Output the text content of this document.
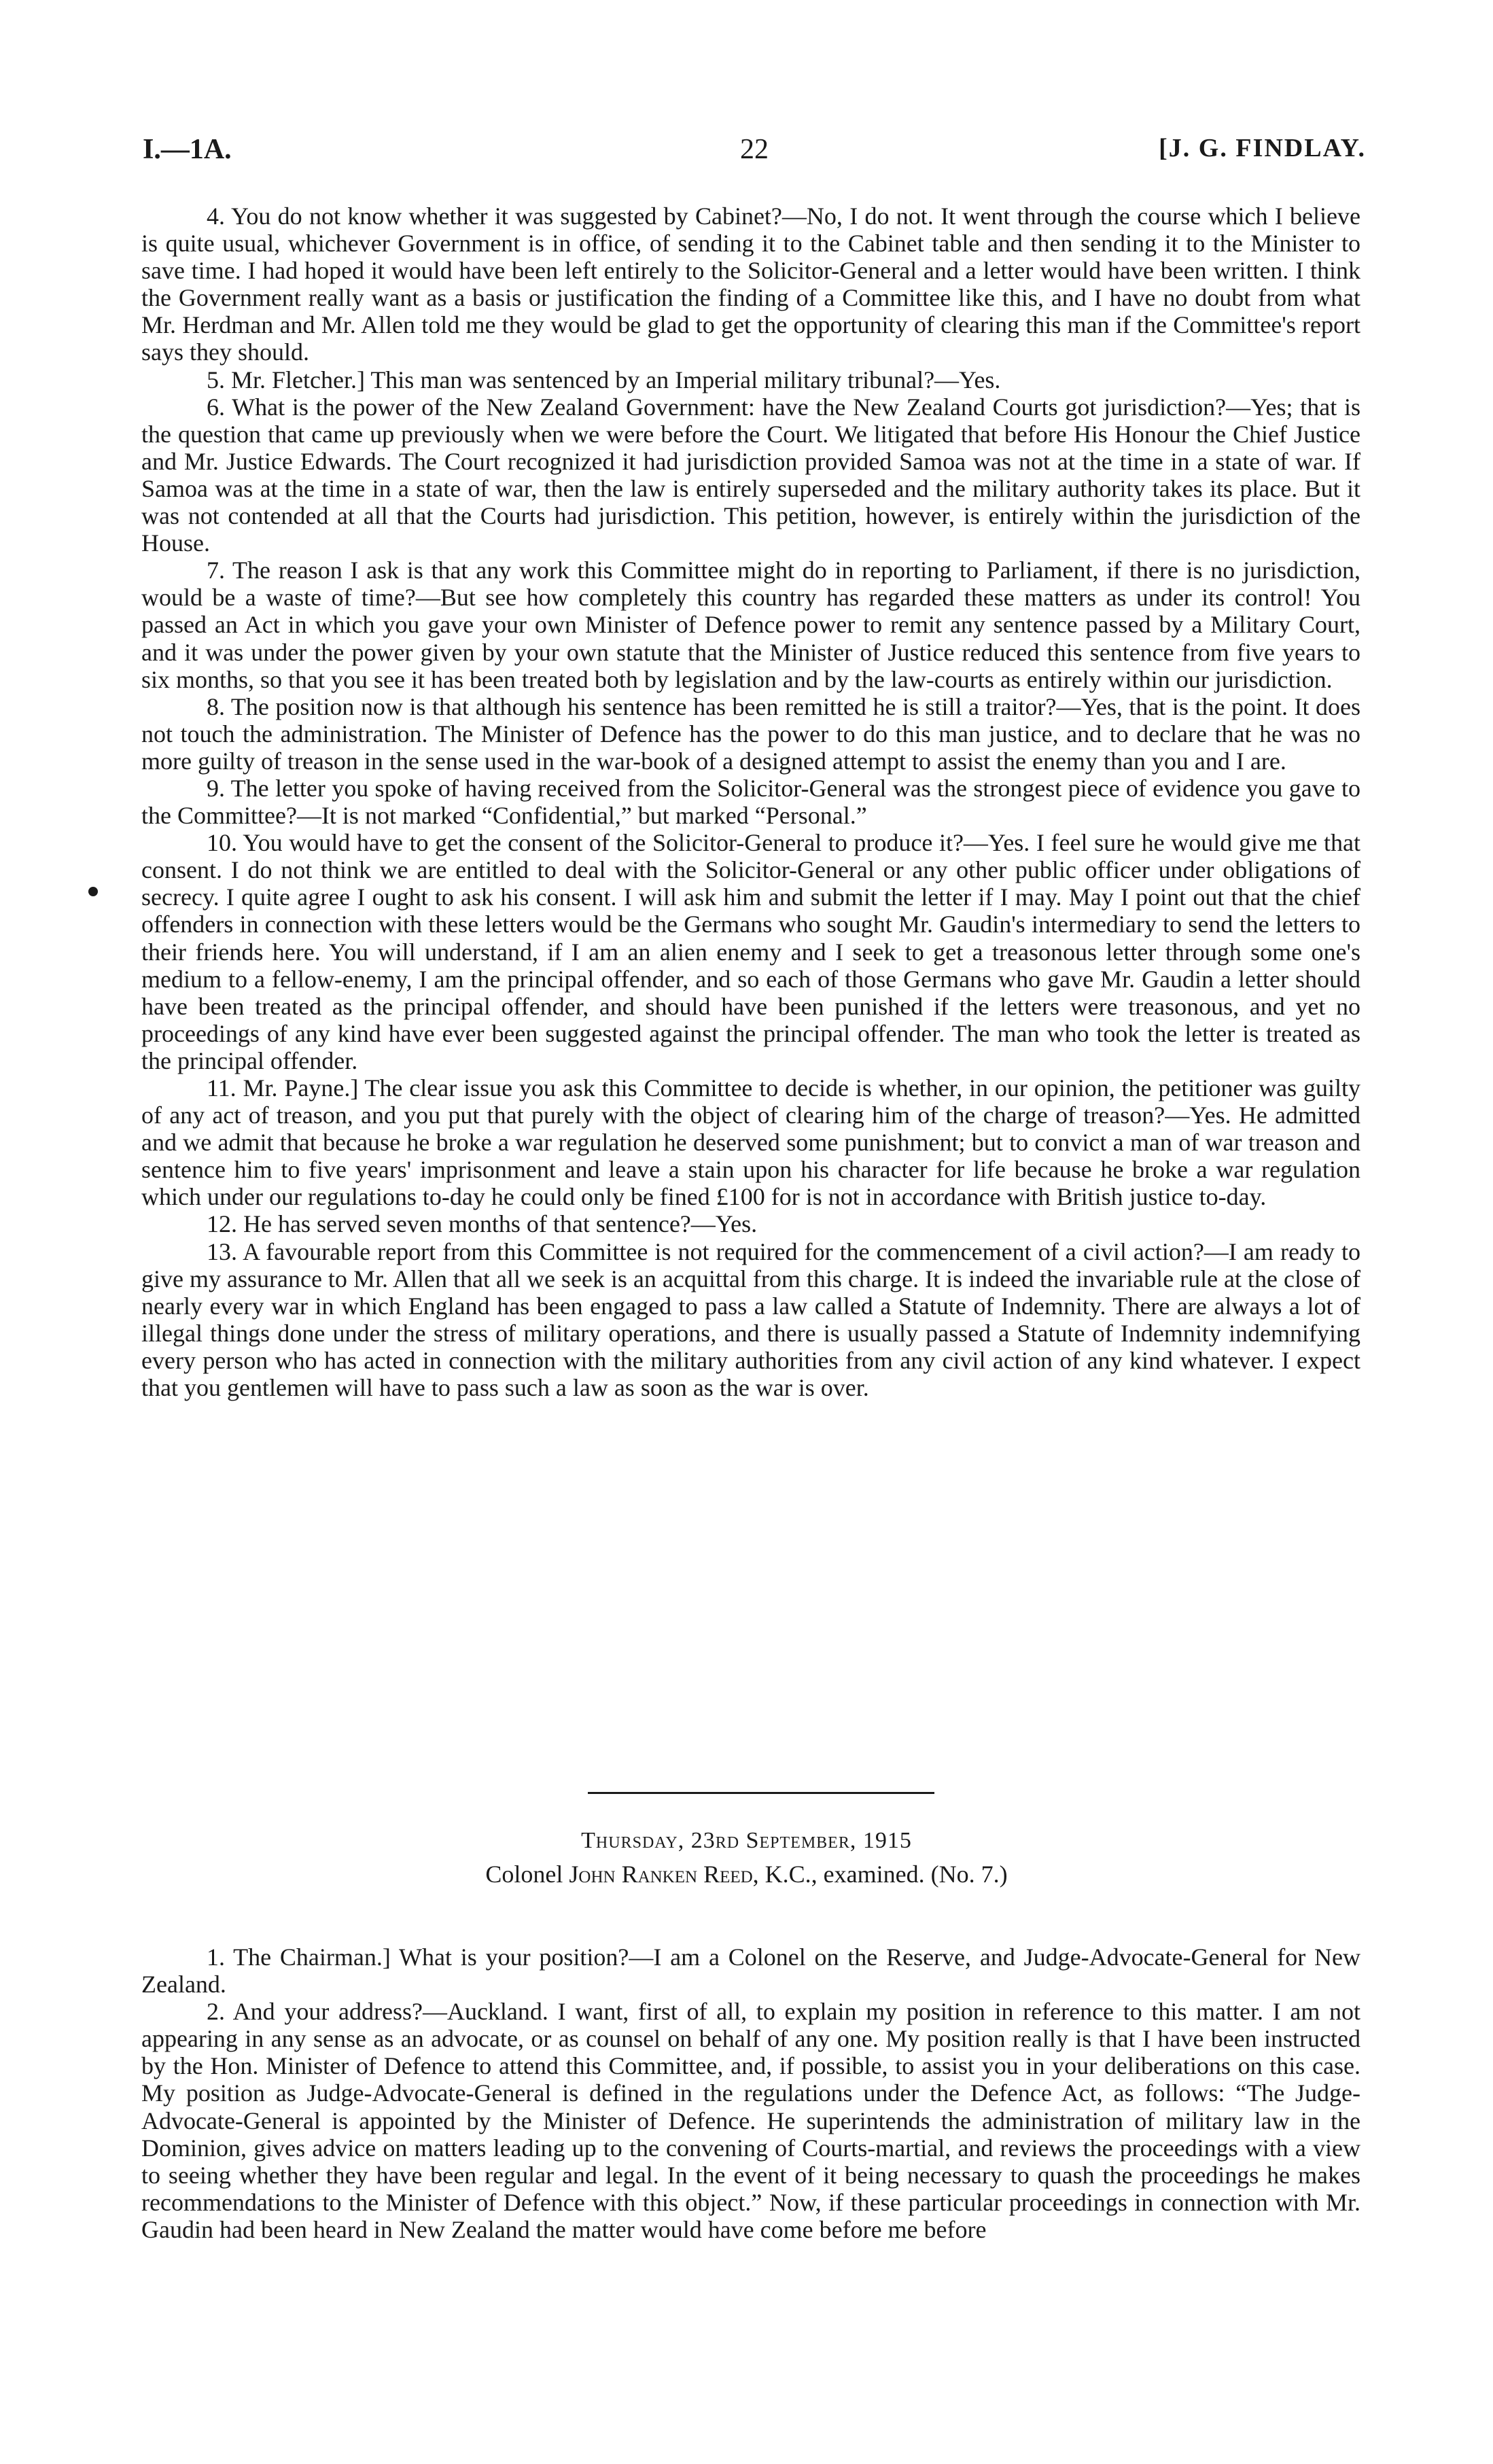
I.—1A.	22	[J. G. FINDLAY.

4. You do not know whether it was suggested by Cabinet?—No, I do not. It went through the course which I believe is quite usual, whichever Government is in office, of sending it to the Cabinet table and then sending it to the Minister to save time. I had hoped it would have been left entirely to the Solicitor-General and a letter would have been written. I think the Government really want as a basis or justification the finding of a Committee like this, and I have no doubt from what Mr. Herdman and Mr. Allen told me they would be glad to get the opportunity of clearing this man if the Committee's report says they should.

5. Mr. Fletcher.] This man was sentenced by an Imperial military tribunal?—Yes.

6. What is the power of the New Zealand Government: have the New Zealand Courts got jurisdiction?—Yes; that is the question that came up previously when we were before the Court. We litigated that before His Honour the Chief Justice and Mr. Justice Edwards. The Court recognized it had jurisdiction provided Samoa was not at the time in a state of war. If Samoa was at the time in a state of war, then the law is entirely superseded and the military authority takes its place. But it was not contended at all that the Courts had jurisdiction. This petition, however, is entirely within the jurisdiction of the House.

7. The reason I ask is that any work this Committee might do in reporting to Parliament, if there is no jurisdiction, would be a waste of time?—But see how completely this country has regarded these matters as under its control! You passed an Act in which you gave your own Minister of Defence power to remit any sentence passed by a Military Court, and it was under the power given by your own statute that the Minister of Justice reduced this sentence from five years to six months, so that you see it has been treated both by legislation and by the law-courts as entirely within our jurisdiction.

8. The position now is that although his sentence has been remitted he is still a traitor?—Yes, that is the point. It does not touch the administration. The Minister of Defence has the power to do this man justice, and to declare that he was no more guilty of treason in the sense used in the war-book of a designed attempt to assist the enemy than you and I are.

9. The letter you spoke of having received from the Solicitor-General was the strongest piece of evidence you gave to the Committee?—It is not marked “Confidential,” but marked “Personal.”

10. You would have to get the consent of the Solicitor-General to produce it?—Yes. I feel sure he would give me that consent. I do not think we are entitled to deal with the Solicitor-General or any other public officer under obligations of secrecy. I quite agree I ought to ask his consent. I will ask him and submit the letter if I may. May I point out that the chief offenders in connection with these letters would be the Germans who sought Mr. Gaudin's intermediary to send the letters to their friends here. You will understand, if I am an alien enemy and I seek to get a treasonous letter through some one's medium to a fellow-enemy, I am the principal offender, and so each of those Germans who gave Mr. Gaudin a letter should have been treated as the principal offender, and should have been punished if the letters were treasonous, and yet no proceedings of any kind have ever been suggested against the principal offender. The man who took the letter is treated as the principal offender.

11. Mr. Payne.] The clear issue you ask this Committee to decide is whether, in our opinion, the petitioner was guilty of any act of treason, and you put that purely with the object of clearing him of the charge of treason?—Yes. He admitted and we admit that because he broke a war regulation he deserved some punishment; but to convict a man of war treason and sentence him to five years' imprisonment and leave a stain upon his character for life because he broke a war regulation which under our regulations to-day he could only be fined £100 for is not in accordance with British justice to-day.

12. He has served seven months of that sentence?—Yes.

13. A favourable report from this Committee is not required for the commencement of a civil action?—I am ready to give my assurance to Mr. Allen that all we seek is an acquittal from this charge. It is indeed the invariable rule at the close of nearly every war in which England has been engaged to pass a law called a Statute of Indemnity. There are always a lot of illegal things done under the stress of military operations, and there is usually passed a Statute of Indemnity indemnifying every person who has acted in connection with the military authorities from any civil action of any kind whatever. I expect that you gentlemen will have to pass such a law as soon as the war is over.

Thursday, 23rd September, 1915
Colonel John Ranken Reed, K.C., examined. (No. 7.)

1. The Chairman.] What is your position?—I am a Colonel on the Reserve, and Judge-Advocate-General for New Zealand.

2. And your address?—Auckland. I want, first of all, to explain my position in reference to this matter. I am not appearing in any sense as an advocate, or as counsel on behalf of any one. My position really is that I have been instructed by the Hon. Minister of Defence to attend this Committee, and, if possible, to assist you in your deliberations on this case. My position as Judge-Advocate-General is defined in the regulations under the Defence Act, as follows: “The Judge-Advocate-General is appointed by the Minister of Defence. He superintends the administration of military law in the Dominion, gives advice on matters leading up to the convening of Courts-martial, and reviews the proceedings with a view to seeing whether they have been regular and legal. In the event of it being necessary to quash the proceedings he makes recommendations to the Minister of Defence with this object.” Now, if these particular proceedings in connection with Mr. Gaudin had been heard in New Zealand the matter would have come before me before
